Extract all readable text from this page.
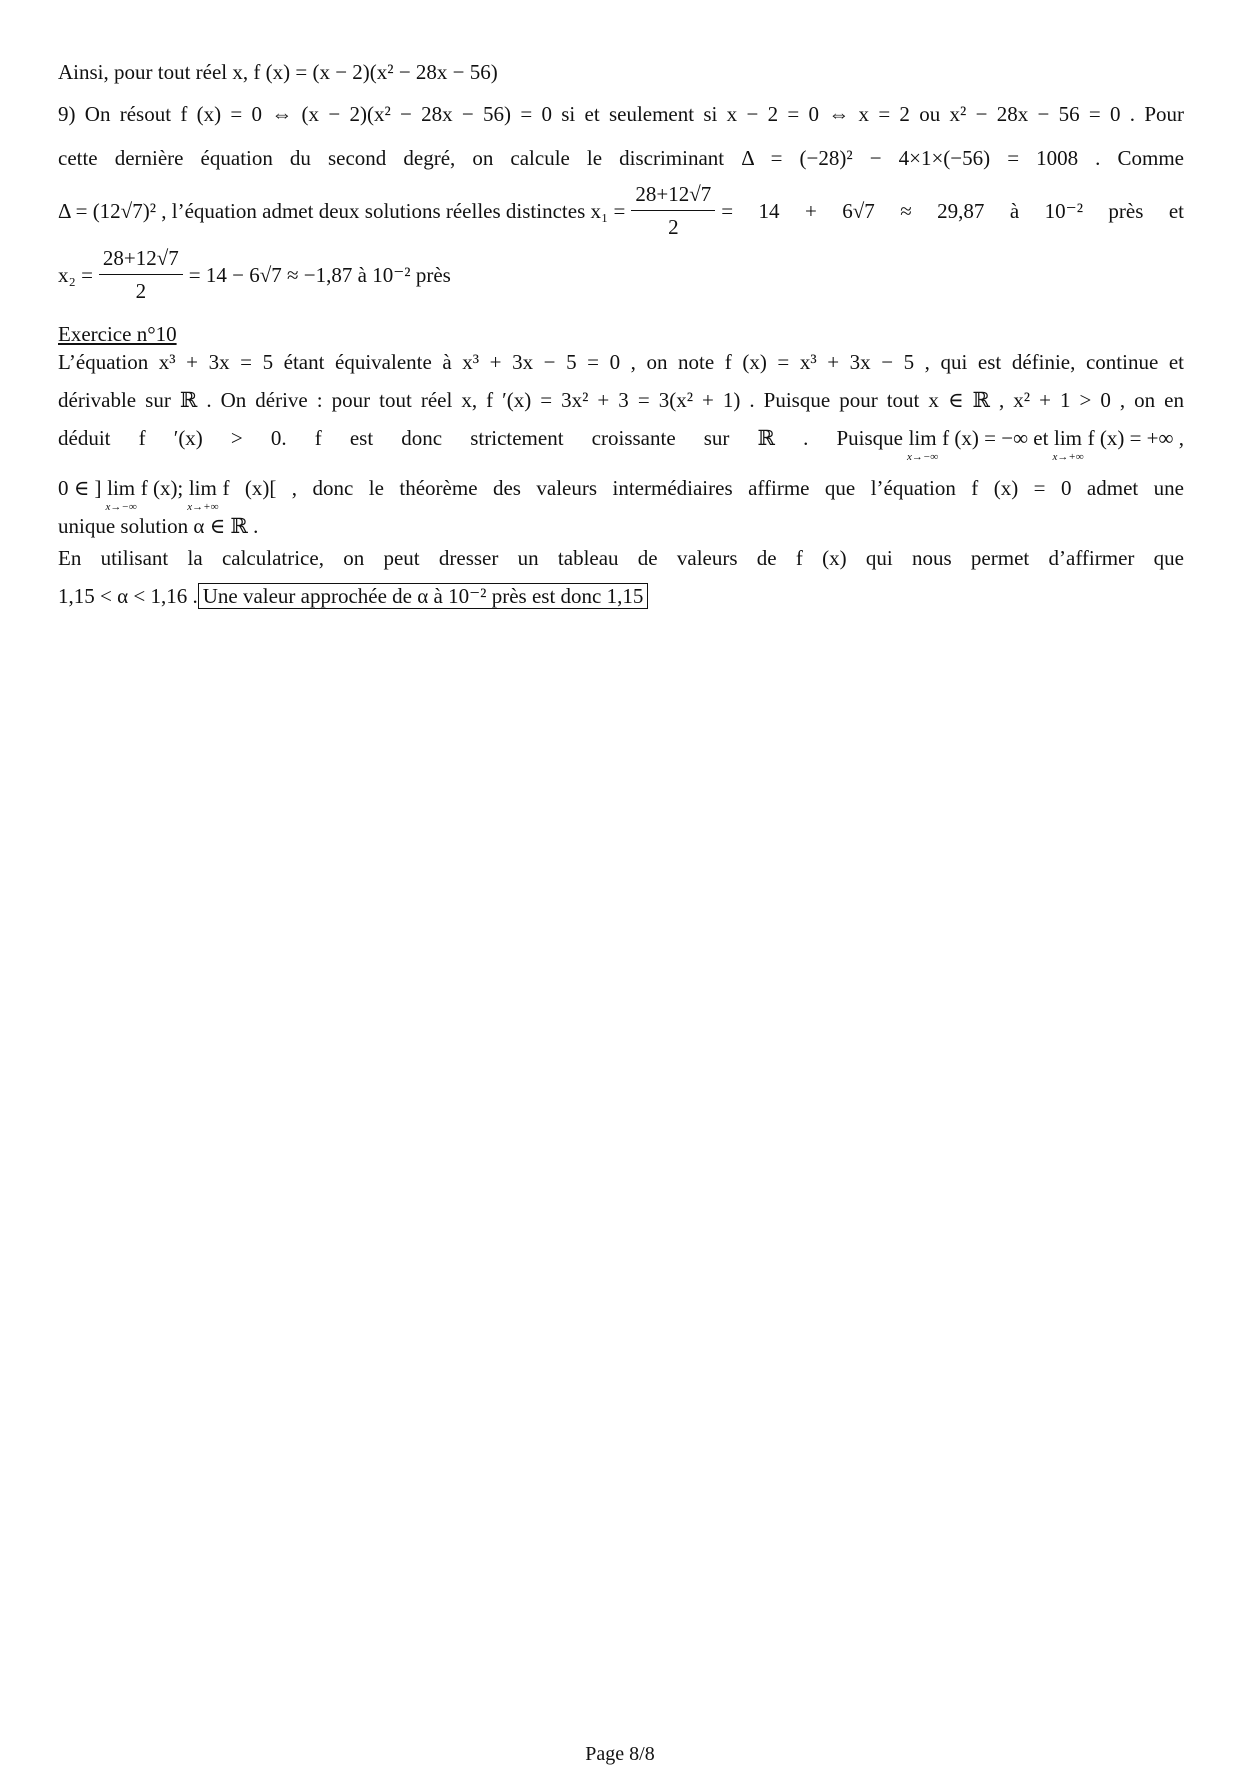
Ainsi, pour tout réel x, f (x) = (x − 2)(x² − 28x − 56)
9) On résout f (x) = 0 ⇔ (x − 2)(x² − 28x − 56) = 0 si et seulement si x − 2 = 0 ⇔ x = 2 ou x² − 28x − 56 = 0 . Pour
cette dernière équation du second degré, on calcule le discriminant Δ = (−28)² − 4×1×(−56) = 1008 . Comme
Δ = (12√7)² , l’équation admet deux solutions réelles distinctes $x_1 = \frac{28+12√7}{2} = 14 + 6√7 \approx 29,87$ à 10⁻² près et
$x_2 = \frac{28+12√7}{2} = 14 - 6√7 \approx -1,87$ à 10⁻² près
Exercice n°10
L’équation x³ + 3x = 5 étant équivalente à x³ + 3x − 5 = 0 , on note f (x) = x³ + 3x − 5 , qui est définie, continue et
dérivable sur ℝ . On dérive : pour tout réel x, f ′(x) = 3x² + 3 = 3(x² + 1) . Puisque pour tout x ∈ ℝ , x² + 1 > 0 , on en
déduit f ′(x) > 0. f est donc strictement croissante sur ℝ . Puisque lim
x→−∞
f (x) = −∞ et lim
x→+∞
f (x) = +∞ ,
0 ∈ ] lim
x→−∞
f (x); lim
x→+∞
f (x)[ , donc le théorème des valeurs intermédiaires affirme que l’équation f (x) = 0 admet une
unique solution α ∈ ℝ .
En utilisant la calculatrice, on peut dresser un tableau de valeurs de f (x) qui nous permet d’affirmer que
1,15 < α < 1,16 . Une valeur approchée de α à 10⁻² près est donc 1,15
Page 8/8
